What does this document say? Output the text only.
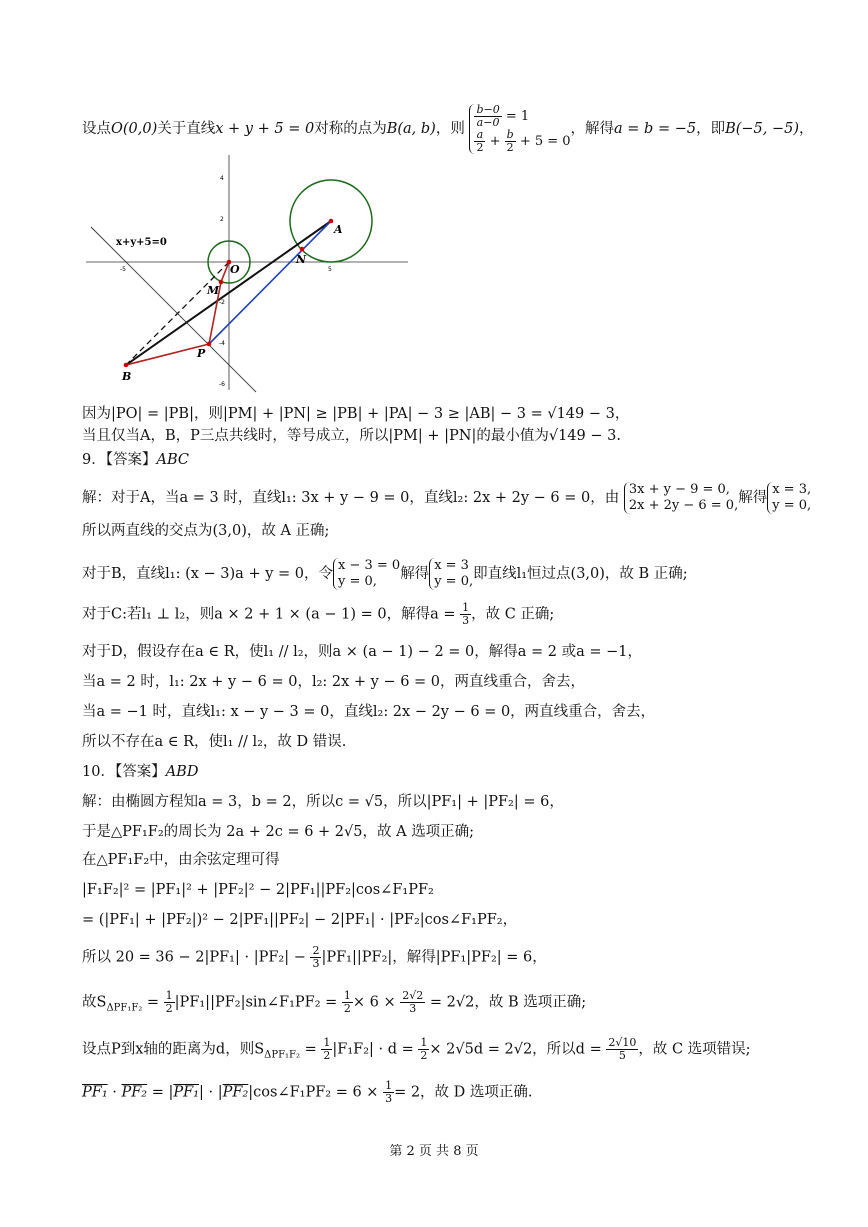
设点O(0,0)关于直线x + y + 5 = 0对称的点为B(a, b)，则 $\frac{b-0}{a-0} = 1$

$\frac{a}{2} + \frac{b}{2} + 5 = 0$，解得a = b = −5，即B(−5, −5)，
4
2
-2
-4
-6
-5	5
x+y+5=0
O
A
N
M
P
B
因为|PO| = |PB|，则|PM| + |PN| ≥ |PB| + |PA| − 3 ≥ |AB| − 3 = √149 − 3，
当且仅当A，B，P三点共线时，等号成立，所以|PM| + |PN|的最小值为√149 − 3.
9．【答案】ABC
解：对于A，当a = 3 时，直线l₁: 3x + y − 9 = 0，直线l₂: 2x + 2y − 6 = 0，由 3x + y − 9 = 0,
2x + 2y − 6 = 0,解得x = 3,
y = 0,
所以两直线的交点为(3,0)，故 A 正确;
对于B，直线l₁: (x − 3)a + y = 0，令x − 3 = 0
y = 0, 解得x = 3
y = 0,即直线l₁恒过点(3,0)，故 B 正确;
对于C:若l₁ ⊥ l₂，则a × 2 + 1 × (a − 1) = 0，解得$a = \frac{1}{3}$ ，故 C 正确;
对于D，假设存在a ∈ R，使l₁ // l₂，则a × (a − 1) − 2 = 0，解得a = 2 或a = −1，
当a = 2 时，l₁: 2x + y − 6 = 0，l₂: 2x + y − 6 = 0，两直线重合，舍去，
当a = −1 时，直线l₁: x − y − 3 = 0，直线l₂: 2x − 2y − 6 = 0，两直线重合，舍去，
所以不存在a ∈ R，使l₁ // l₂，故 D 错误.
10．【答案】ABD
解：由椭圆方程知a = 3，b = 2，所以c = √5，所以|PF₁| + |PF₂| = 6，
于是△PF₁F₂的周长为 2a + 2c = 6 + 2√5，故 A 选项正确;
在△PF₁F₂中，由余弦定理可得
|F₁F₂|² = |PF₁|² + |PF₂|² − 2|PF₁||PF₂|cos∠F₁PF₂
= (|PF₁| + |PF₂|)² − 2|PF₁||PF₂| − 2|PF₁| · |PF₂|cos∠F₁PF₂，
所以 $20 = 36 - 2|PF_1| \cdot |PF_2| - \frac{2}{3} |PF_1||PF_2|$，解得|PF₁|PF₂| = 6，
故$S_{\Delta PF_1F_2} = \frac{1}{2}$ |PF₁||PF₂|sin∠F₁PF₂ = $\frac{1}{2} \times 6 \times \frac{2√2}{3} = 2√2$，故 B 选项正确;
设点P到x轴的距离为d，则$S_{\Delta PF_1F_2} = \frac{1}{2} |F_1F_2| \cdot d = \frac{1}{2} \times 2√5d = 2√2$，所以$d = \frac{2√10}{5}$ ，故 C 选项错误;
PF₁ · PF₂ = |PF₁| · |PF₂|cos∠F₁PF₂ = $6 \times \frac{1}{3} = 2$，故 D 选项正确.
第 2 页 共 8 页
